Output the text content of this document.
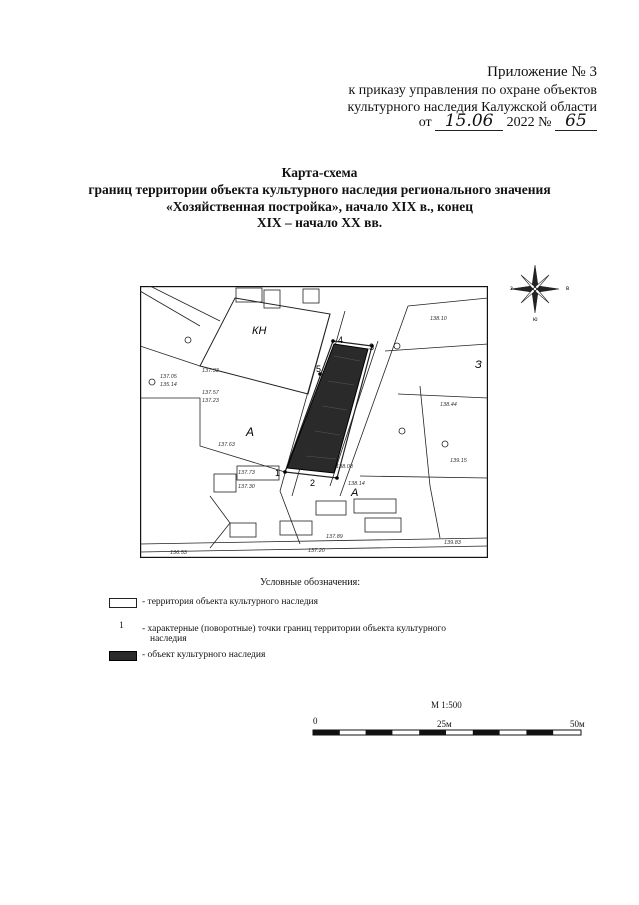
Приложение № 3
к приказу управления по охране объектов
культурного наследия Калужской области
от 15.06 2022 № 65
Карта-схема
границ территории объекта культурного наследия регионального значения
«Хозяйственная постройка», начало XIX в., конец
XIX – начало XX вв.
з	в
ю
1
2
3
4
5
КН
А
А
З
137.33
137.57
137.23
137.63
137.05
135.14
138.08
138.10
138.44
139.15
137.73
137.30
139.83
138.14
137.89
137.20
136.53
Условные обозначения:
- территория объекта культурного наследия
1 - характерные (поворотные) точки границ территории объекта культурного
наследия
- объект культурного наследия
М 1:500
0	25м	50м
